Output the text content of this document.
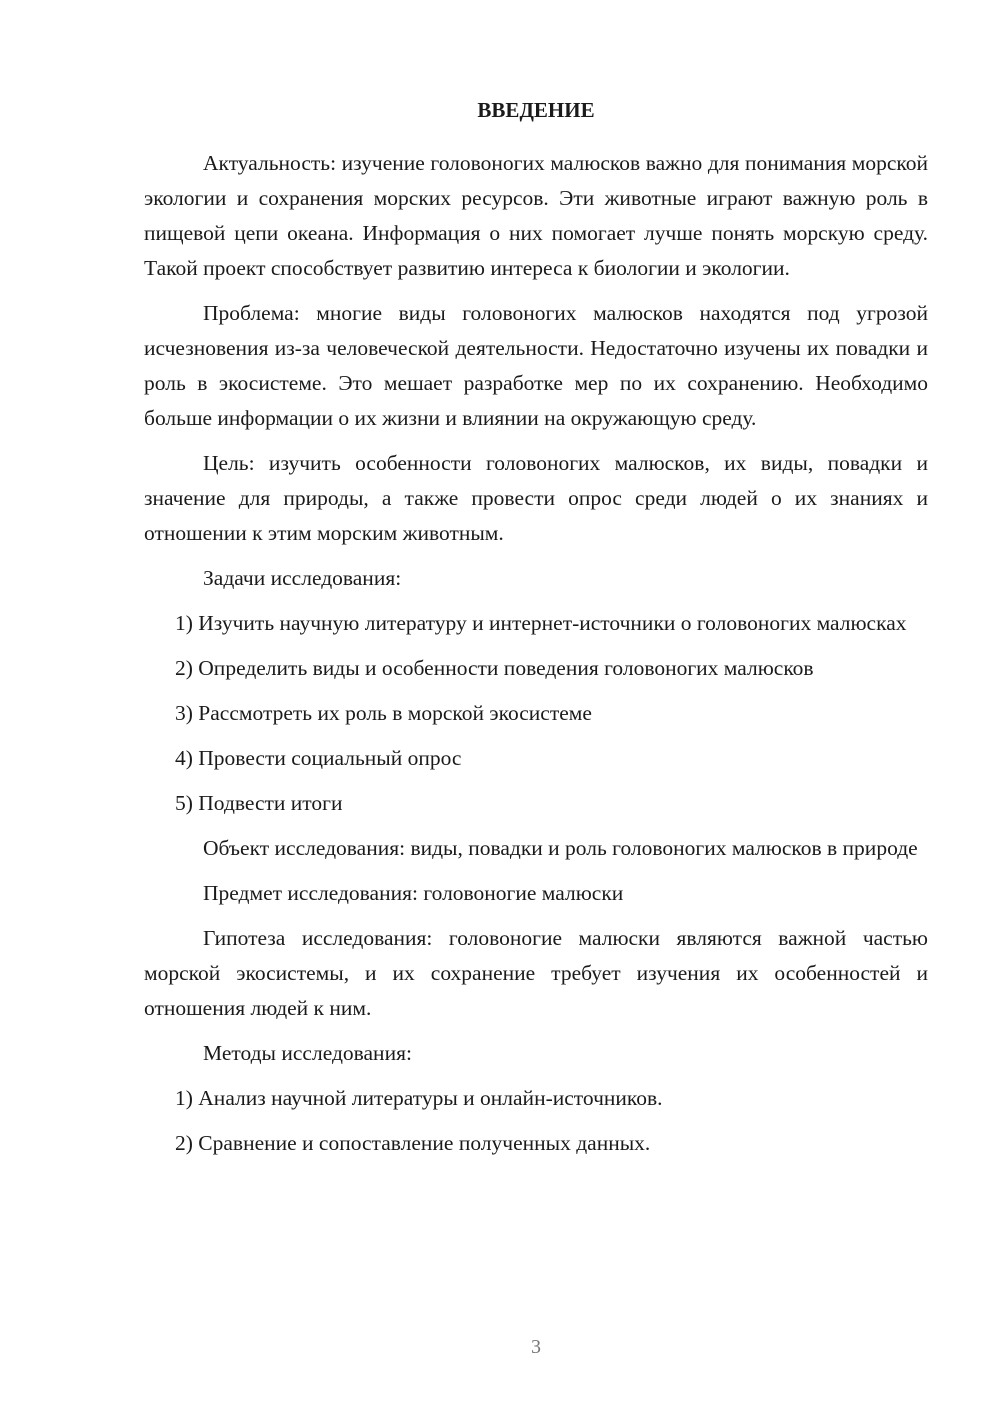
ВВЕДЕНИЕ
Актуальность: изучение головоногих малюсков важно для понимания морской экологии и сохранения морских ресурсов. Эти животные играют важную роль в пищевой цепи океана. Информация о них помогает лучше понять морскую среду. Такой проект способствует развитию интереса к биологии и экологии.
Проблема: многие виды головоногих малюсков находятся под угрозой исчезновения из-за человеческой деятельности. Недостаточно изучены их повадки и роль в экосистеме. Это мешает разработке мер по их сохранению. Необходимо больше информации о их жизни и влиянии на окружающую среду.
Цель: изучить особенности головоногих малюсков, их виды, повадки и значение для природы, а также провести опрос среди людей о их знаниях и отношении к этим морским животным.
Задачи исследования:
1) Изучить научную литературу и интернет-источники о головоногих малюсках
2) Определить виды и особенности поведения головоногих малюсков
3) Рассмотреть их роль в морской экосистеме
4) Провести социальный опрос
5) Подвести итоги
Объект исследования: виды, повадки и роль головоногих малюсков в природе
Предмет исследования: головоногие малюски
Гипотеза исследования: головоногие малюски являются важной частью морской экосистемы, и их сохранение требует изучения их особенностей и отношения людей к ним.
Методы исследования:
1) Анализ научной литературы и онлайн-источников.
2) Сравнение и сопоставление полученных данных.
3
